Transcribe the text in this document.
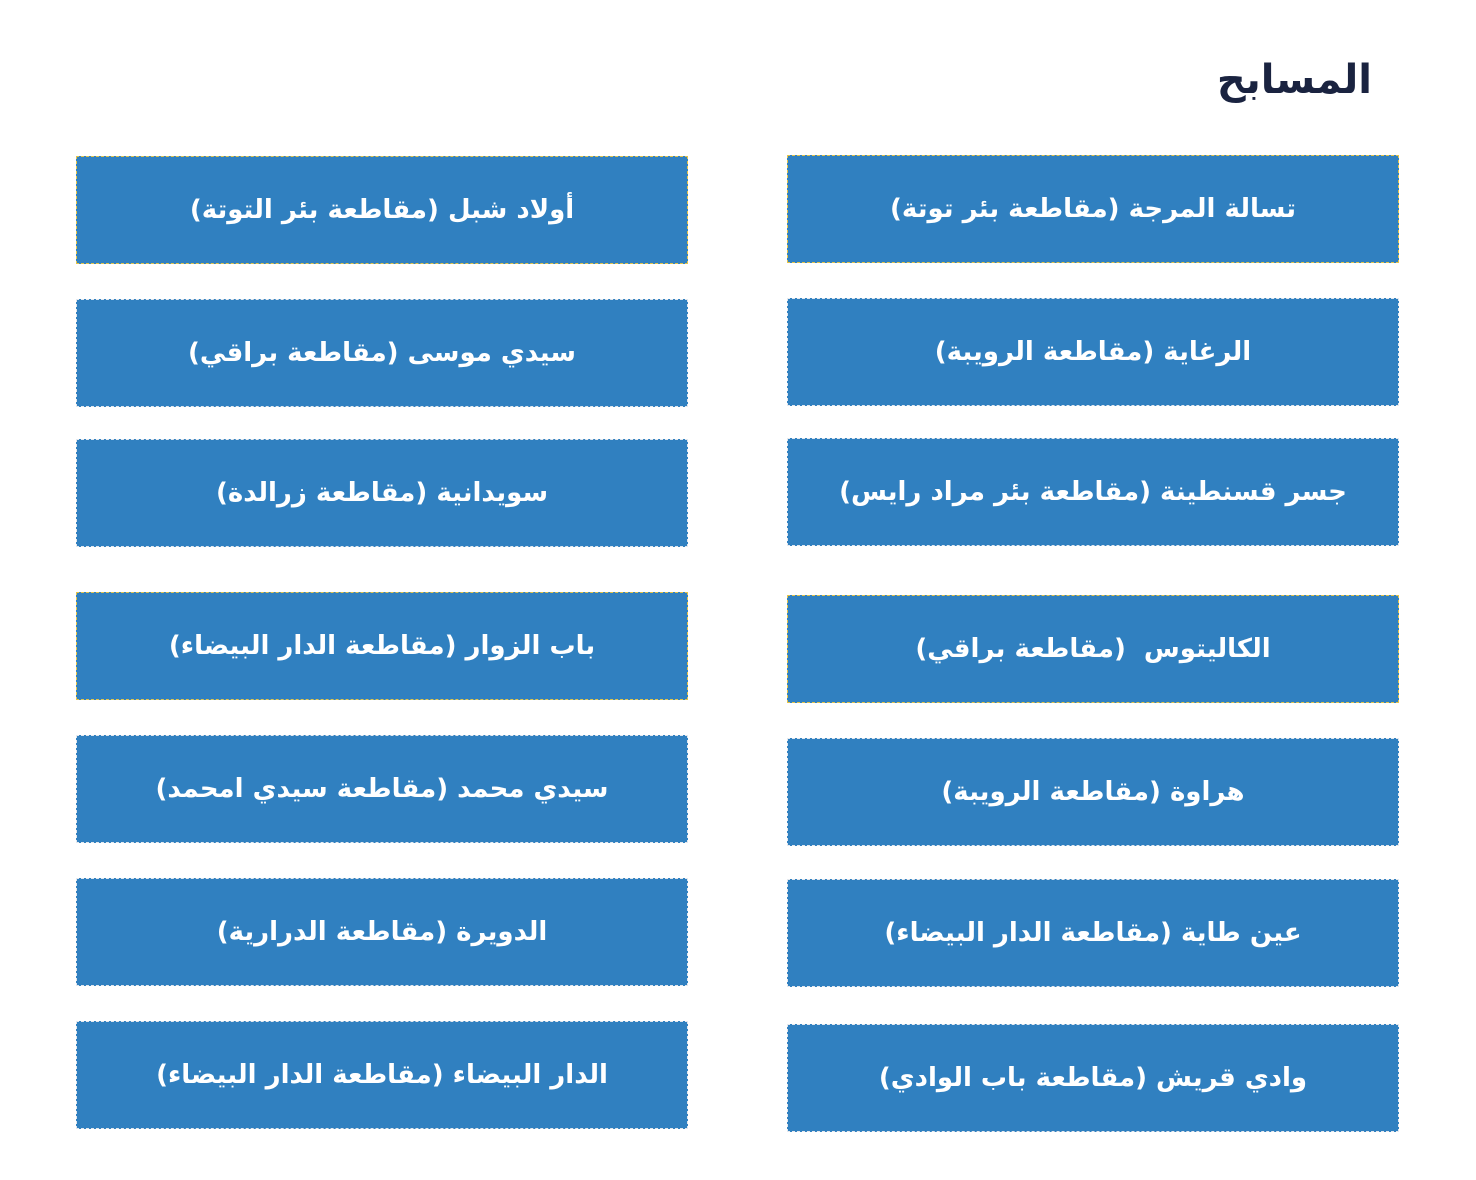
المسابح
تسالة المرجة (مقاطعة بئر توتة)
الرغاية (مقاطعة الرويبة)
جسر قسنطينة (مقاطعة بئر مراد رايس)
الكاليتوس  (مقاطعة براقي)
هراوة (مقاطعة الرويبة)
عين طاية (مقاطعة الدار البيضاء)
وادي قريش (مقاطعة باب الوادي)
أولاد شبل (مقاطعة بئر التوتة)
سيدي موسى (مقاطعة براقي)
سويدانية (مقاطعة زرالدة)
باب الزوار (مقاطعة الدار البيضاء)
سيدي محمد (مقاطعة سيدي امحمد)
الدويرة (مقاطعة الدرارية)
الدار البيضاء (مقاطعة الدار البيضاء)
